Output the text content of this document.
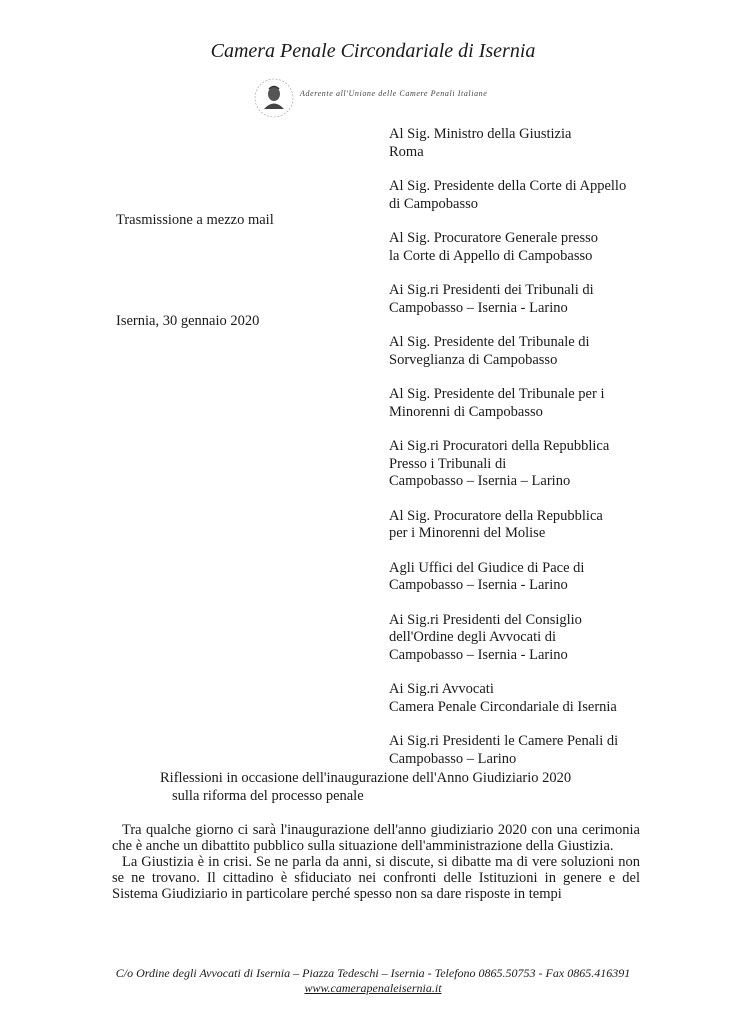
Camera Penale Circondariale di Isernia
Aderente all'Unione delle Camere Penali Italiane
Trasmissione a mezzo mail
Isernia, 30 gennaio 2020
Al Sig. Ministro della Giustizia
Roma
Al Sig. Presidente della Corte di Appello
di Campobasso
Al Sig. Procuratore Generale presso
la Corte di Appello di Campobasso
Ai Sig.ri Presidenti dei Tribunali di
Campobasso – Isernia - Larino
Al Sig. Presidente del Tribunale di
Sorveglianza di Campobasso
Al Sig. Presidente del Tribunale per i
Minorenni di Campobasso
Ai Sig.ri Procuratori della Repubblica
Presso i Tribunali di
Campobasso – Isernia – Larino
Al Sig. Procuratore della Repubblica
per i Minorenni del Molise
Agli Uffici del Giudice di Pace di
Campobasso – Isernia - Larino
Ai Sig.ri Presidenti del Consiglio
dell'Ordine degli Avvocati di
Campobasso – Isernia - Larino
Ai Sig.ri Avvocati
Camera Penale Circondariale di Isernia
Ai Sig.ri Presidenti le Camere Penali di
Campobasso – Larino
Riflessioni in occasione dell'inaugurazione dell'Anno Giudiziario 2020
sulla riforma del processo penale

Tra qualche giorno ci sarà l'inaugurazione dell'anno giudiziario 2020 con una cerimonia che è anche un dibattito pubblico sulla situazione dell'amministrazione della Giustizia.

La Giustizia è in crisi. Se ne parla da anni, si discute, si dibatte ma di vere soluzioni non se ne trovano. Il cittadino è sfiduciato nei confronti delle Istituzioni in genere e del Sistema Giudiziario in particolare perché spesso non sa dare risposte in tempi

C/o Ordine degli Avvocati di Isernia – Piazza Tedeschi – Isernia - Telefono 0865.50753 - Fax 0865.416391
www.camerapenaleisernia.it
